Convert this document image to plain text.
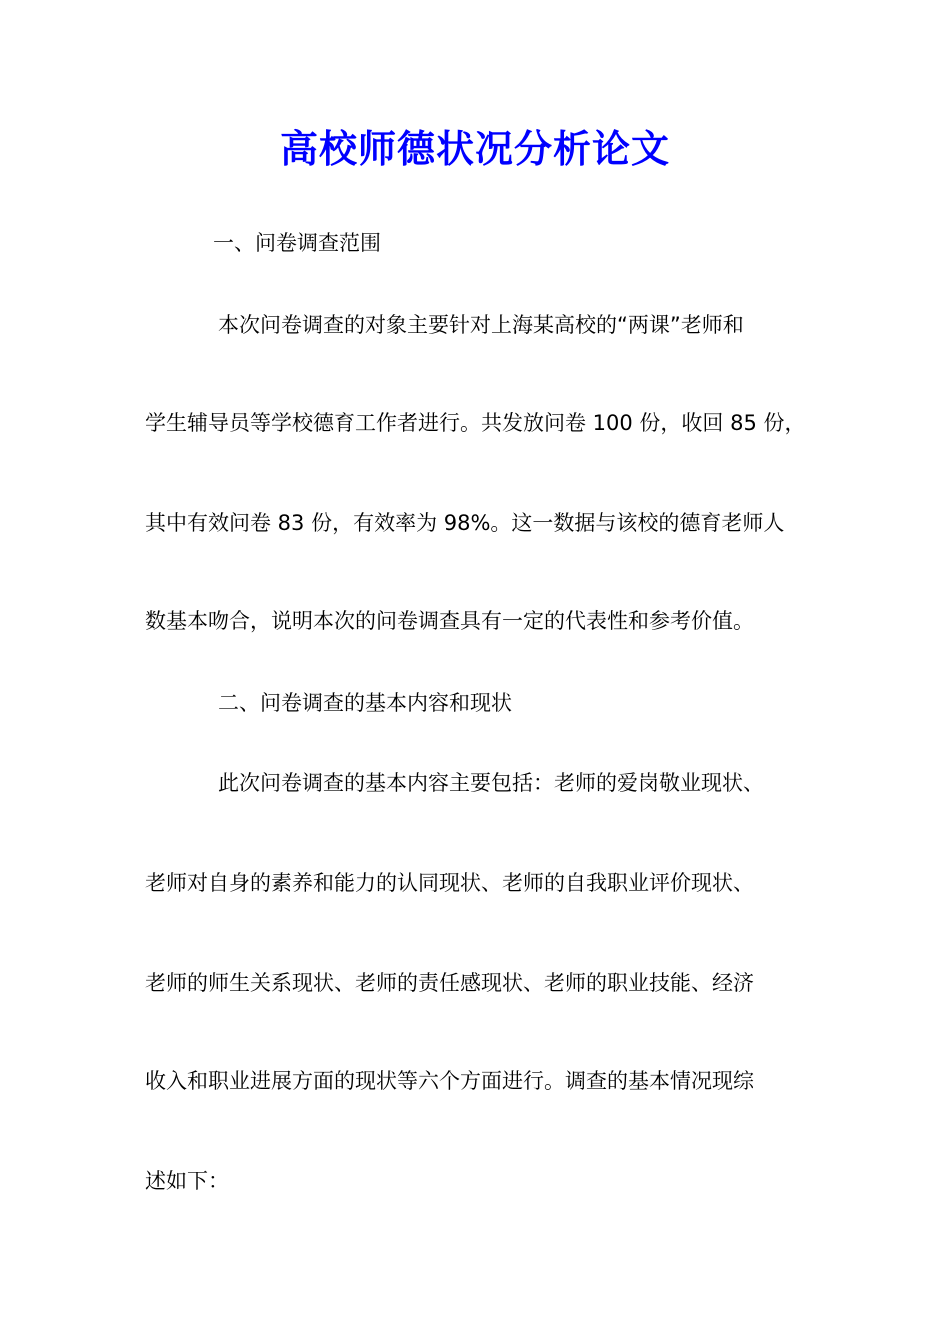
高校师德状况分析论文
一、问卷调查范围
本次问卷调查的对象主要针对上海某高校的“两课”老师和
学生辅导员等学校德育工作者进行。共发放问卷 100 份，收回 85 份，
其中有效问卷 83 份，有效率为 98%。这一数据与该校的德育老师人
数基本吻合，说明本次的问卷调查具有一定的代表性和参考价值。
二、问卷调查的基本内容和现状
此次问卷调查的基本内容主要包括：老师的爱岗敬业现状、
老师对自身的素养和能力的认同现状、老师的自我职业评价现状、
老师的师生关系现状、老师的责任感现状、老师的职业技能、经济
收入和职业进展方面的现状等六个方面进行。调查的基本情况现综
述如下：
